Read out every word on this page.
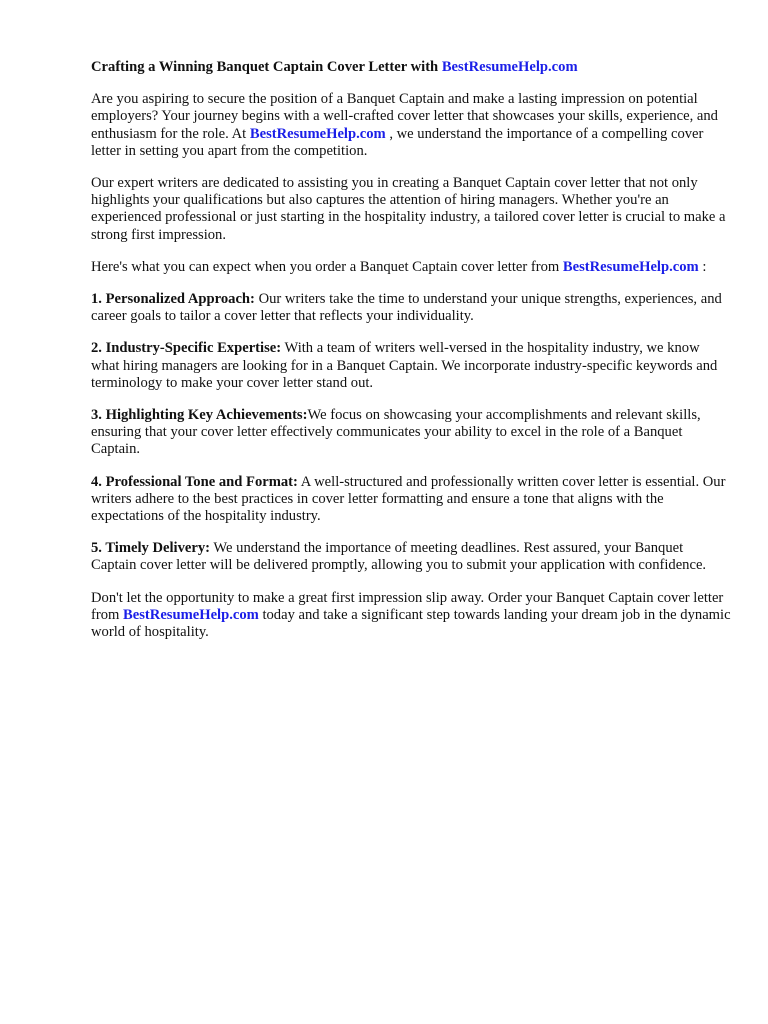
Crafting a Winning Banquet Captain Cover Letter with BestResumeHelp.com
Are you aspiring to secure the position of a Banquet Captain and make a lasting impression on potential employers? Your journey begins with a well-crafted cover letter that showcases your skills, experience, and enthusiasm for the role. At BestResumeHelp.com , we understand the importance of a compelling cover letter in setting you apart from the competition.
Our expert writers are dedicated to assisting you in creating a Banquet Captain cover letter that not only highlights your qualifications but also captures the attention of hiring managers. Whether you're an experienced professional or just starting in the hospitality industry, a tailored cover letter is crucial to make a strong first impression.
Here's what you can expect when you order a Banquet Captain cover letter from BestResumeHelp.com :
1. Personalized Approach: Our writers take the time to understand your unique strengths, experiences, and career goals to tailor a cover letter that reflects your individuality.
2. Industry-Specific Expertise: With a team of writers well-versed in the hospitality industry, we know what hiring managers are looking for in a Banquet Captain. We incorporate industry-specific keywords and terminology to make your cover letter stand out.
3. Highlighting Key Achievements:We focus on showcasing your accomplishments and relevant skills, ensuring that your cover letter effectively communicates your ability to excel in the role of a Banquet Captain.
4. Professional Tone and Format: A well-structured and professionally written cover letter is essential. Our writers adhere to the best practices in cover letter formatting and ensure a tone that aligns with the expectations of the hospitality industry.
5. Timely Delivery: We understand the importance of meeting deadlines. Rest assured, your Banquet Captain cover letter will be delivered promptly, allowing you to submit your application with confidence.
Don't let the opportunity to make a great first impression slip away. Order your Banquet Captain cover letter from BestResumeHelp.com today and take a significant step towards landing your dream job in the dynamic world of hospitality.
